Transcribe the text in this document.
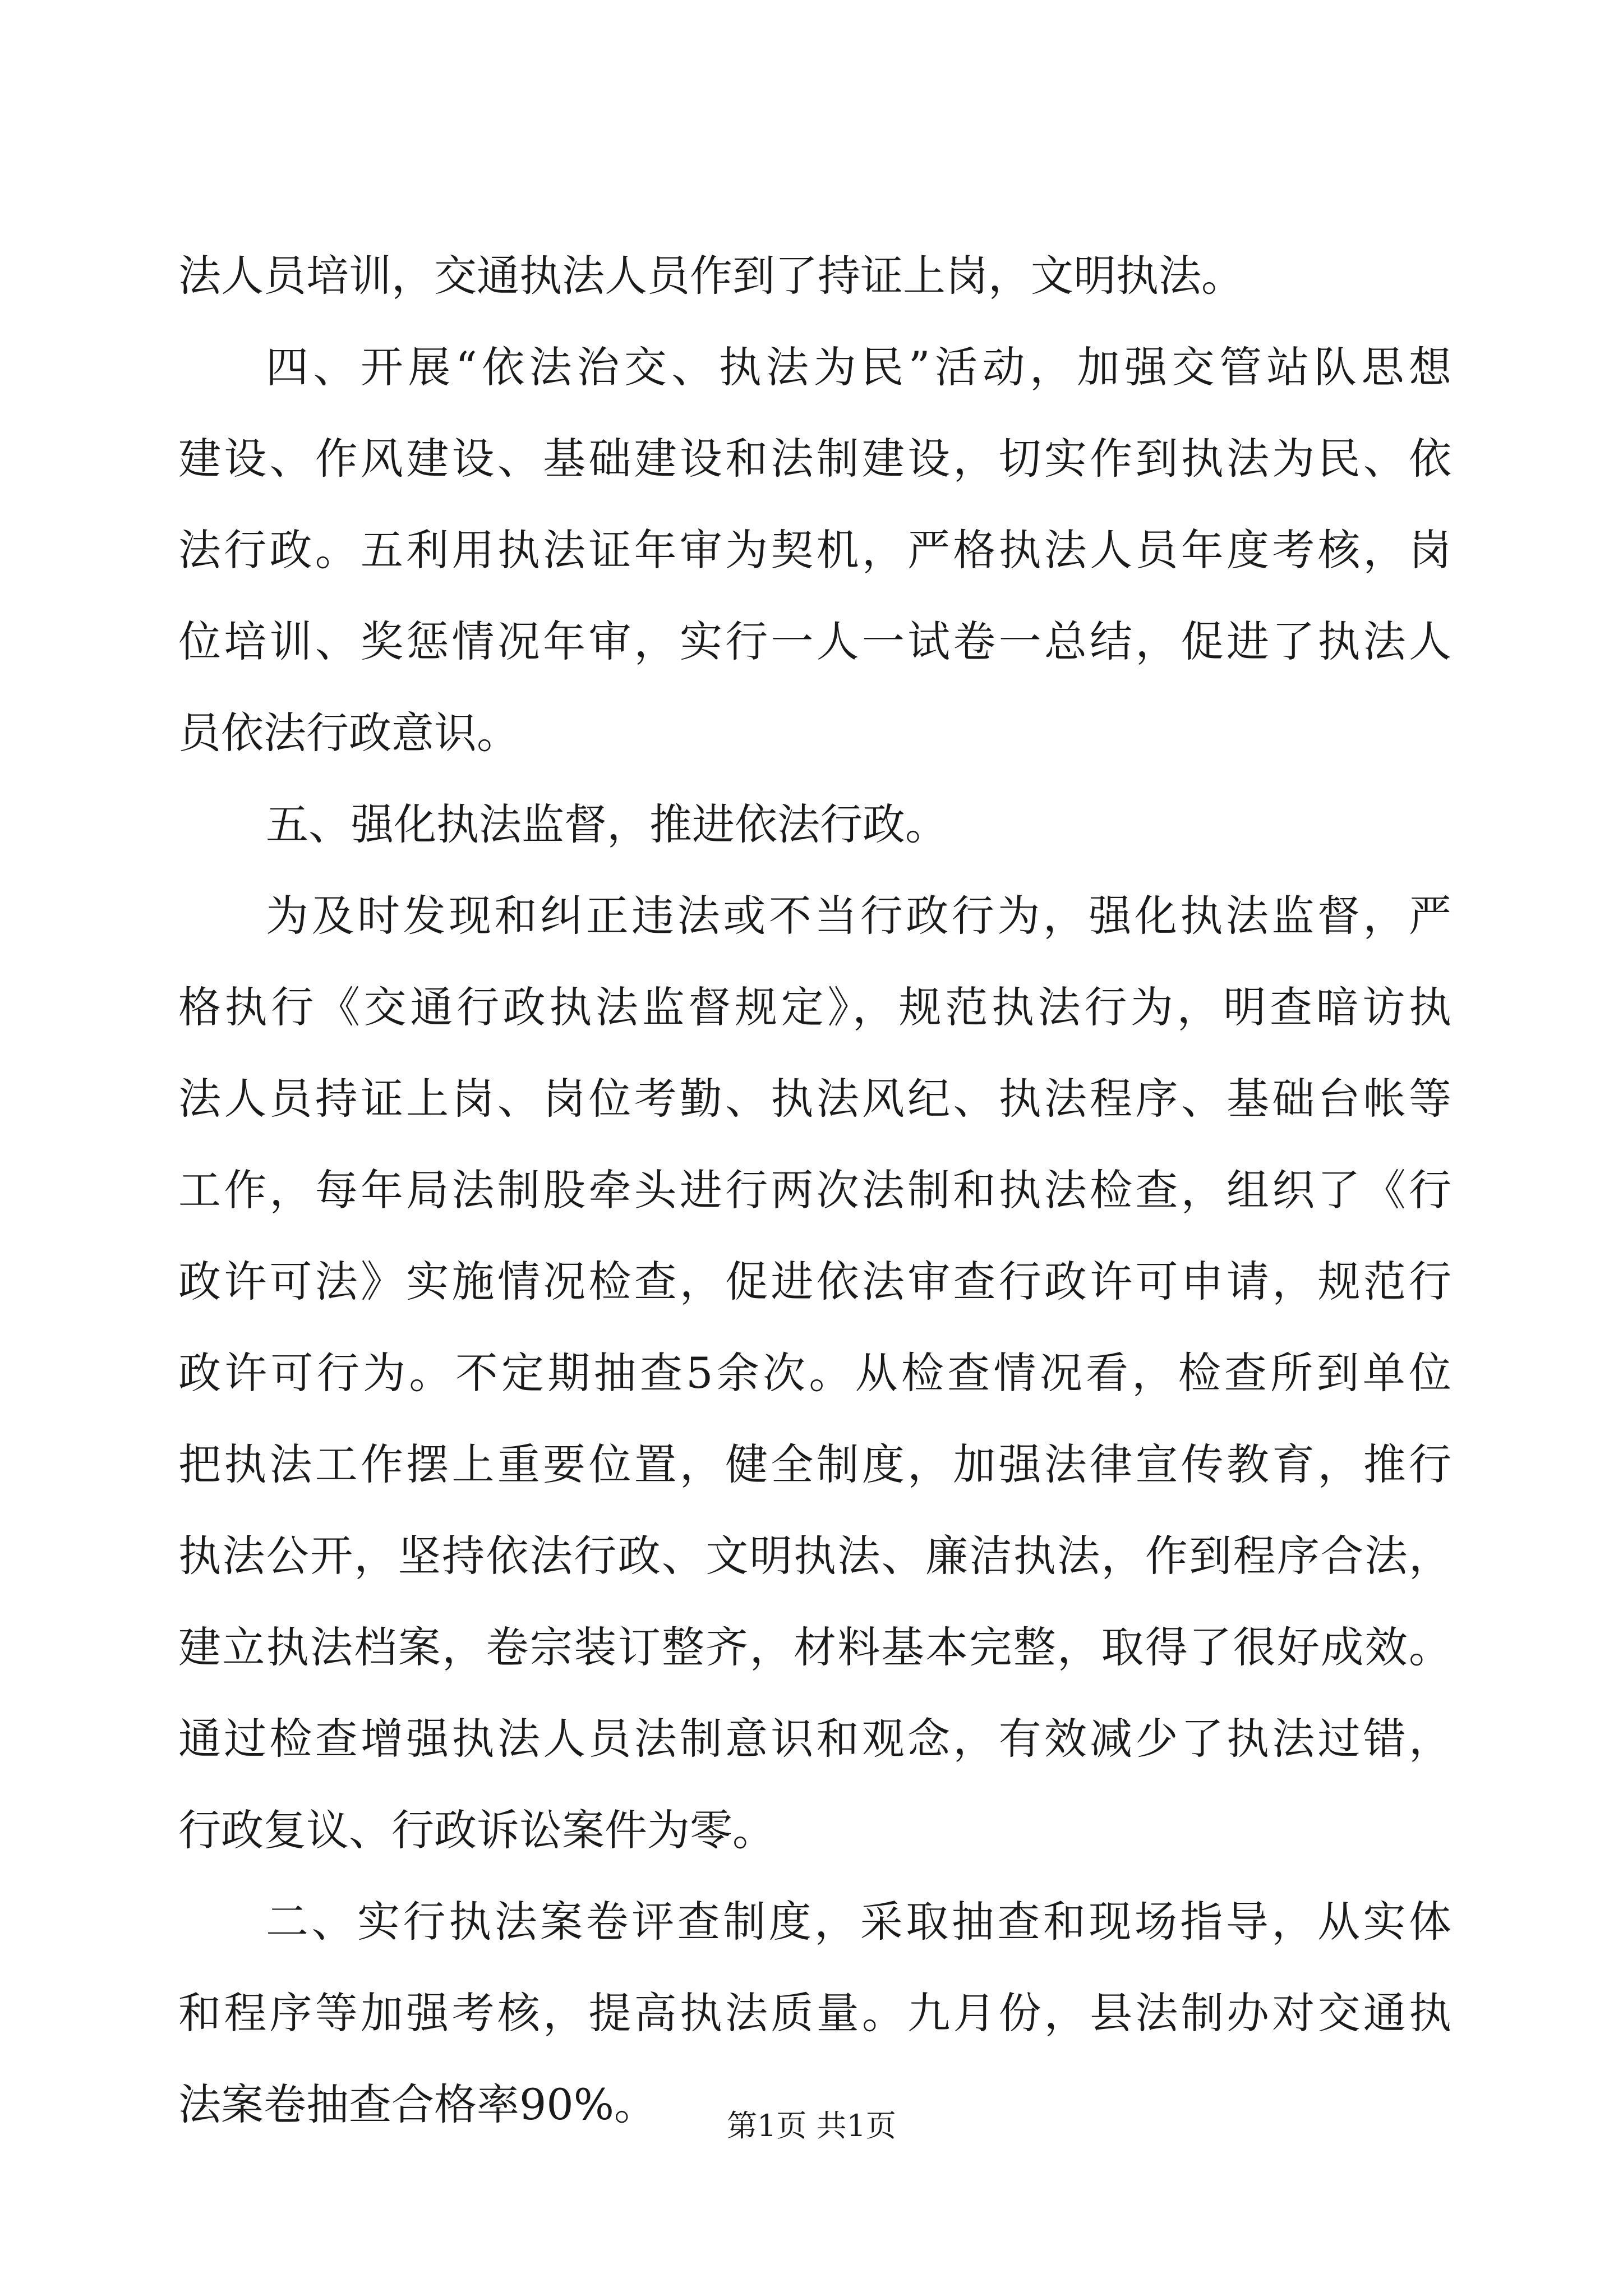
法人员培训，交通执法人员作到了持证上岗，文明执法。
四、开展“依法治交、执法为民”活动，加强交管站队思想
建设、作风建设、基础建设和法制建设，切实作到执法为民、依
法行政。五利用执法证年审为契机，严格执法人员年度考核，岗
位培训、奖惩情况年审，实行一人一试卷一总结，促进了执法人
员依法行政意识。
五、强化执法监督，推进依法行政。
为及时发现和纠正违法或不当行政行为，强化执法监督，严
格执行《交通行政执法监督规定》，规范执法行为，明查暗访执
法人员持证上岗、岗位考勤、执法风纪、执法程序、基础台帐等
工作，每年局法制股牵头进行两次法制和执法检查，组织了《行
政许可法》实施情况检查，促进依法审查行政许可申请，规范行
政许可行为。不定期抽查5余次。从检查情况看，检查所到单位
把执法工作摆上重要位置，健全制度，加强法律宣传教育，推行
执法公开，坚持依法行政、文明执法、廉洁执法，作到程序合法，
建立执法档案，卷宗装订整齐，材料基本完整，取得了很好成效。
通过检查增强执法人员法制意识和观念，有效减少了执法过错，
行政复议、行政诉讼案件为零。
二、实行执法案卷评查制度，采取抽查和现场指导，从实体
和程序等加强考核，提高执法质量。九月份，县法制办对交通执
法案卷抽查合格率90%。	第1页 共1页
